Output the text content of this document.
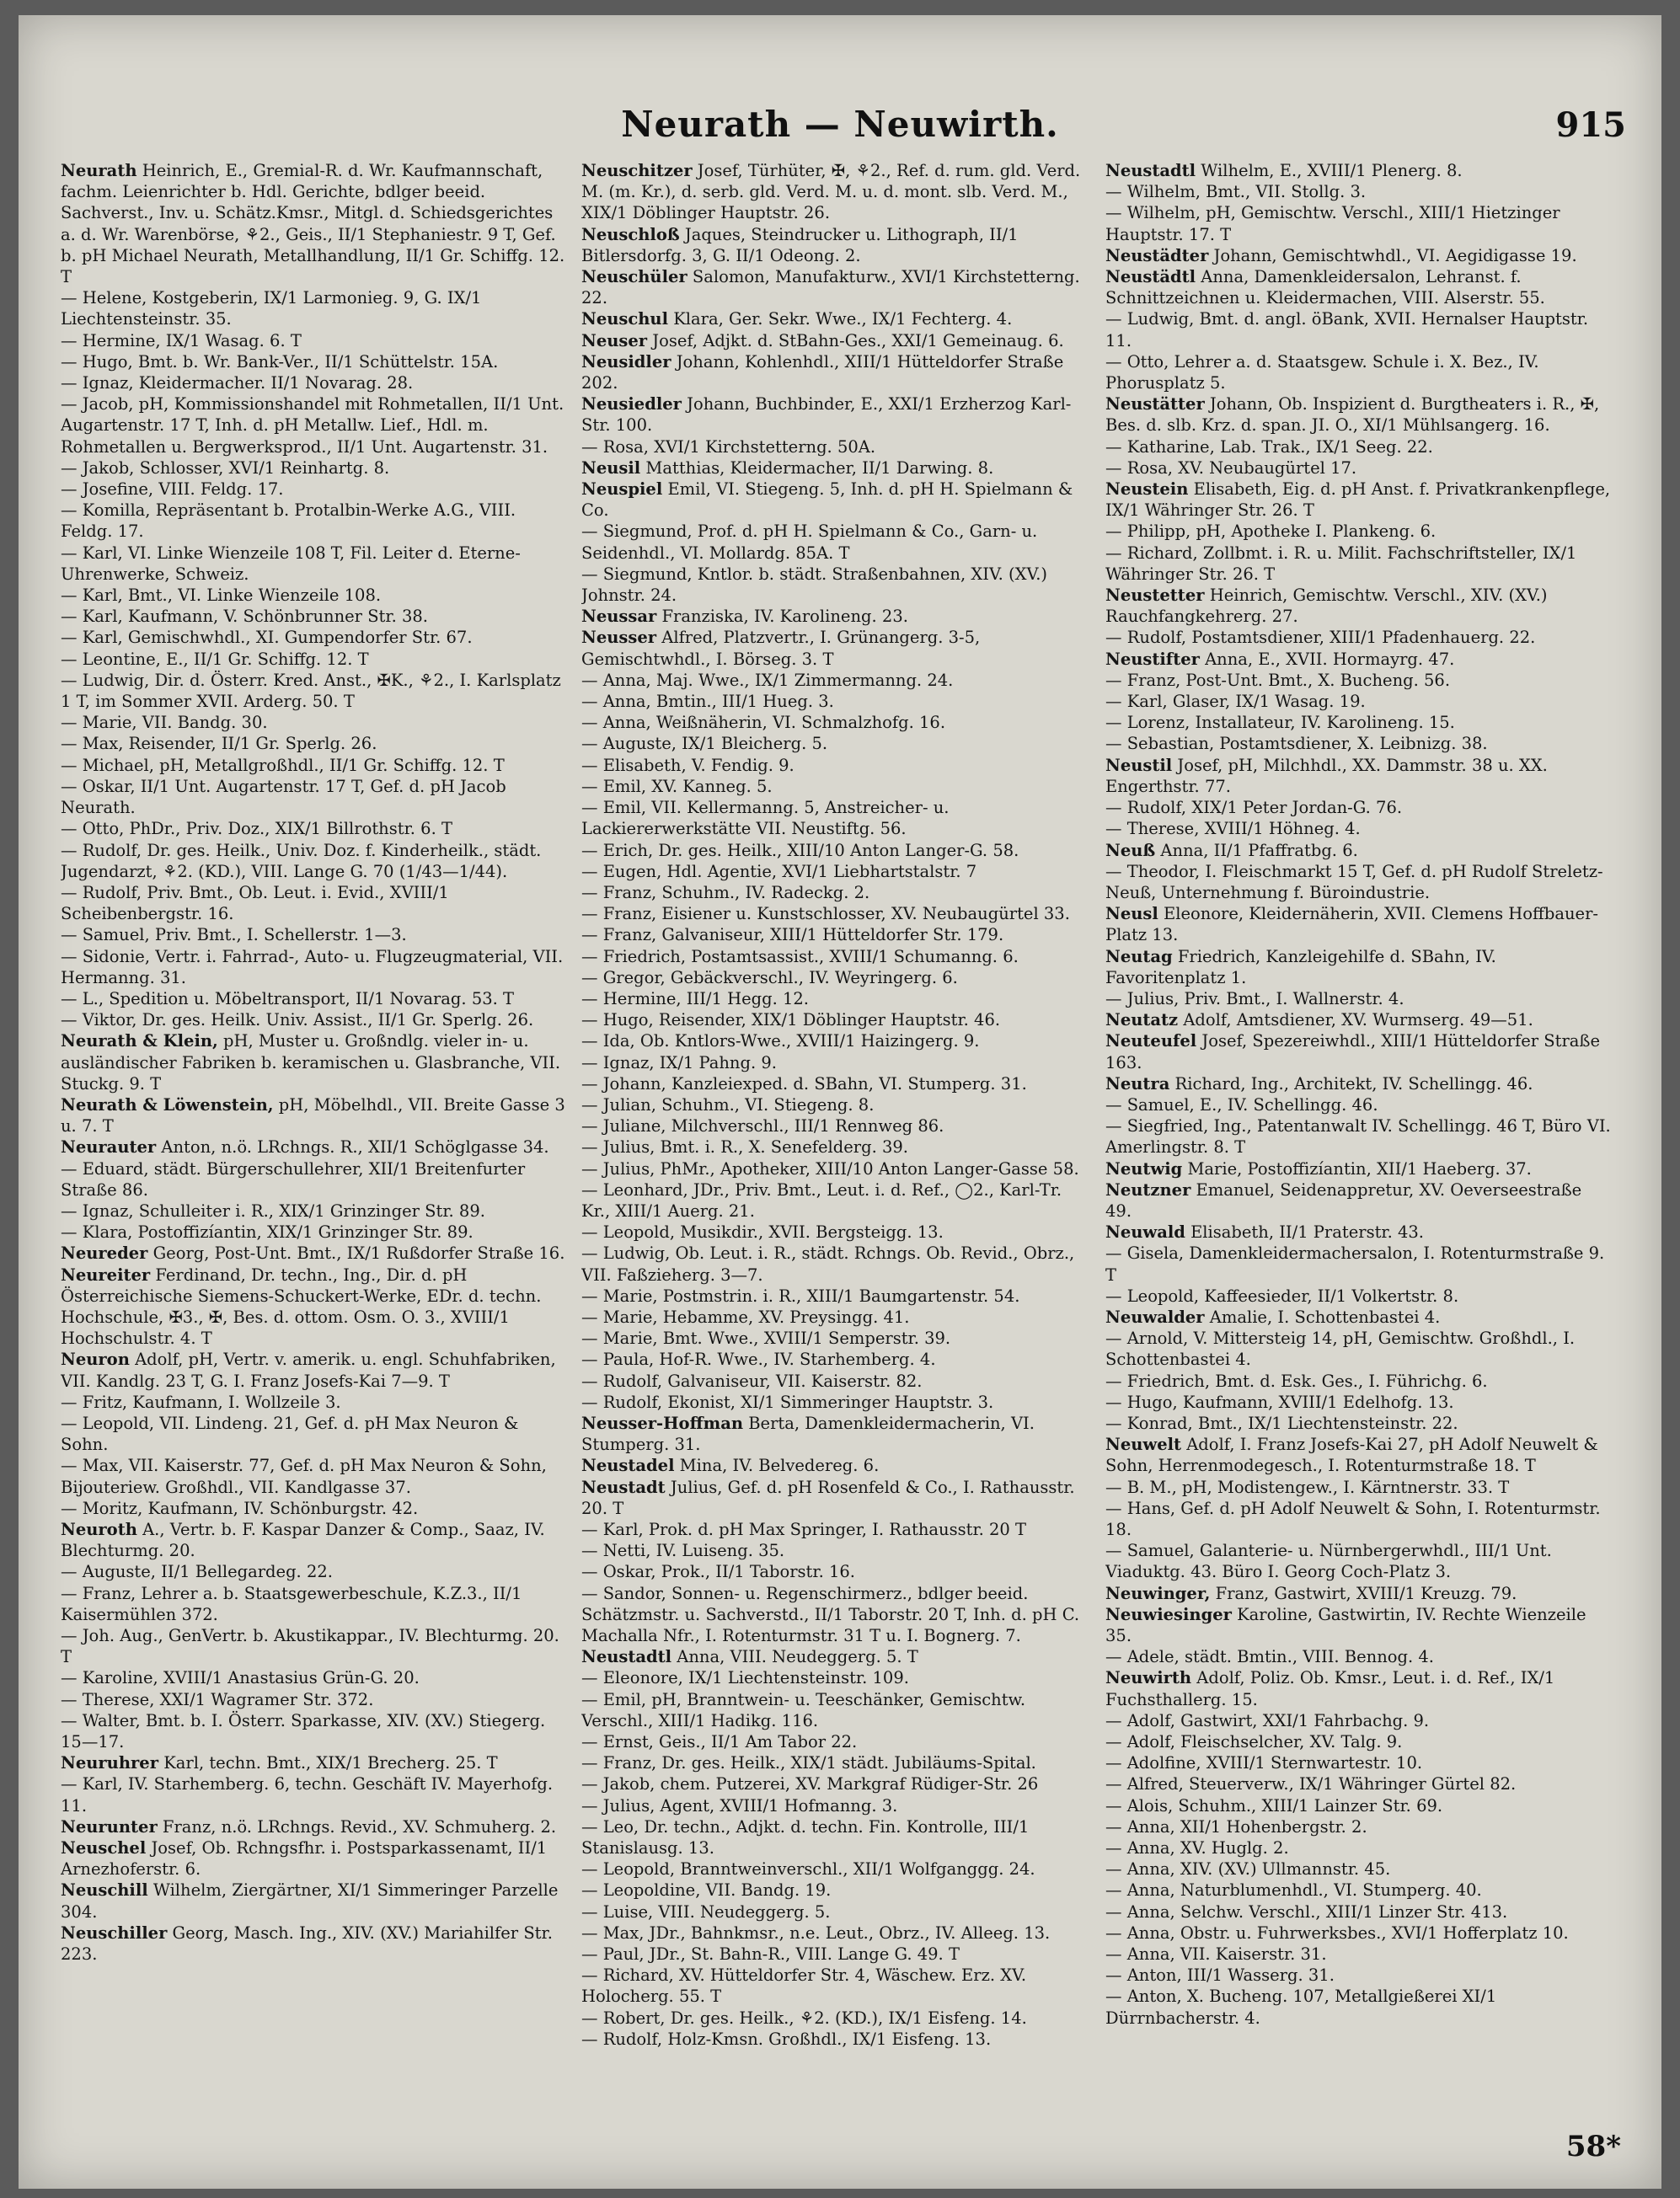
Neurath — Neuwirth.	915
Neurath Heinrich, E., Gremial-R. d. Wr. Kaufmannschaft, fachm. Leienrichter b. Hdl. Gerichte, bdlger beeid. Sachverst., Inv. u. Schätz.Kmsr., Mitgl. d. Schiedsgerichtes a. d. Wr. Warenbörse, ⚘2., Geis., II/1 Stephaniestr. 9 T, Gef. b. pH Michael Neurath, Metallhandlung, II/1 Gr. Schiffg. 12. T
— Helene, Kostgeberin, IX/1 Larmonieg. 9, G. IX/1 Liechtensteinstr. 35.
— Hermine, IX/1 Wasag. 6. T
— Hugo, Bmt. b. Wr. Bank-Ver., II/1 Schüttelstr. 15A.
— Ignaz, Kleidermacher. II/1 Novarag. 28.
— Jacob, pH, Kommissionshandel mit Rohmetallen, II/1 Unt. Augartenstr. 17 T, Inh. d. pH Metallw. Lief., Hdl. m. Rohmetallen u. Bergwerksprod., II/1 Unt. Augartenstr. 31.
— Jakob, Schlosser, XVI/1 Reinhartg. 8.
— Josefine, VIII. Feldg. 17.
— Komilla, Repräsentant b. Protalbin-Werke A.G., VIII. Feldg. 17.
— Karl, VI. Linke Wienzeile 108 T, Fil. Leiter d. Eterne-Uhrenwerke, Schweiz.
— Karl, Bmt., VI. Linke Wienzeile 108.
— Karl, Kaufmann, V. Schönbrunner Str. 38.
— Karl, Gemischwhdl., XI. Gumpendorfer Str. 67.
— Leontine, E., II/1 Gr. Schiffg. 12. T
— Ludwig, Dir. d. Österr. Kred. Anst., ✠K., ⚘2., I. Karlsplatz 1 T, im Sommer XVII. Arderg. 50. T
— Marie, VII. Bandg. 30.
— Max, Reisender, II/1 Gr. Sperlg. 26.
— Michael, pH, Metallgroßhdl., II/1 Gr. Schiffg. 12. T
— Oskar, II/1 Unt. Augartenstr. 17 T, Gef. d. pH Jacob Neurath.
— Otto, PhDr., Priv. Doz., XIX/1 Billrothstr. 6. T
— Rudolf, Dr. ges. Heilk., Univ. Doz. f. Kinderheilk., städt. Jugendarzt, ⚘2. (KD.), VIII. Lange G. 70 (1/43—1/44).
— Rudolf, Priv. Bmt., Ob. Leut. i. Evid., XVIII/1 Scheibenbergstr. 16.
— Samuel, Priv. Bmt., I. Schellerstr. 1—3.
— Sidonie, Vertr. i. Fahrrad-, Auto- u. Flugzeugmaterial, VII. Hermanng. 31.
— L., Spedition u. Möbeltransport, II/1 Novarag. 53. T
— Viktor, Dr. ges. Heilk. Univ. Assist., II/1 Gr. Sperlg. 26.
Neurath & Klein, pH, Muster u. Großndlg. vieler in- u. ausländischer Fabriken b. keramischen u. Glasbranche, VII. Stuckg. 9. T
Neurath & Löwenstein, pH, Möbelhdl., VII. Breite Gasse 3 u. 7. T
Neurauter Anton, n.ö. LRchngs. R., XII/1 Schöglgasse 34.
— Eduard, städt. Bürgerschullehrer, XII/1 Breitenfurter Straße 86.
— Ignaz, Schulleiter i. R., XIX/1 Grinzinger Str. 89.
— Klara, Postoffizíantin, XIX/1 Grinzinger Str. 89.
Neureder Georg, Post-Unt. Bmt., IX/1 Rußdorfer Straße 16.
Neureiter Ferdinand, Dr. techn., Ing., Dir. d. pH Österreichische Siemens-Schuckert-Werke, EDr. d. techn. Hochschule, ✠3., ✠, Bes. d. ottom. Osm. O. 3., XVIII/1 Hochschulstr. 4. T
Neuron Adolf, pH, Vertr. v. amerik. u. engl. Schuhfabriken, VII. Kandlg. 23 T, G. I. Franz Josefs-Kai 7—9. T
— Fritz, Kaufmann, I. Wollzeile 3.
— Leopold, VII. Lindeng. 21, Gef. d. pH Max Neuron & Sohn.
— Max, VII. Kaiserstr. 77, Gef. d. pH Max Neuron & Sohn, Bijouteriew. Großhdl., VII. Kandlgasse 37.
— Moritz, Kaufmann, IV. Schönburgstr. 42.
Neuroth A., Vertr. b. F. Kaspar Danzer & Comp., Saaz, IV. Blechturmg. 20.
— Auguste, II/1 Bellegardeg. 22.
— Franz, Lehrer a. b. Staatsgewerbeschule, K.Z.3., II/1 Kaisermühlen 372.
— Joh. Aug., GenVertr. b. Akustikappar., IV. Blechturmg. 20. T
— Karoline, XVIII/1 Anastasius Grün-G. 20.
— Therese, XXI/1 Wagramer Str. 372.
— Walter, Bmt. b. I. Österr. Sparkasse, XIV. (XV.) Stiegerg. 15—17.
Neuruhrer Karl, techn. Bmt., XIX/1 Brecherg. 25. T
— Karl, IV. Starhemberg. 6, techn. Geschäft IV. Mayerhofg. 11.
Neurunter Franz, n.ö. LRchngs. Revid., XV. Schmuherg. 2.
Neuschel Josef, Ob. Rchngsfhr. i. Postsparkassenamt, II/1 Arnezhoferstr. 6.
Neuschill Wilhelm, Ziergärtner, XI/1 Simmeringer Parzelle 304.
Neuschiller Georg, Masch. Ing., XIV. (XV.) Mariahilfer Str. 223.
Neuschitzer Josef, Türhüter, ✠, ⚘2., Ref. d. rum. gld. Verd. M. (m. Kr.), d. serb. gld. Verd. M. u. d. mont. slb. Verd. M., XIX/1 Döblinger Hauptstr. 26.
Neuschloß Jaques, Steindrucker u. Lithograph, II/1 Bitlersdorfg. 3, G. II/1 Odeong. 2.
Neuschüler Salomon, Manufakturw., XVI/1 Kirchstetterng. 22.
Neuschul Klara, Ger. Sekr. Wwe., IX/1 Fechterg. 4.
Neuser Josef, Adjkt. d. StBahn-Ges., XXI/1 Gemeinaug. 6.
Neusidler Johann, Kohlenhdl., XIII/1 Hütteldorfer Straße 202.
Neusiedler Johann, Buchbinder, E., XXI/1 Erzherzog Karl-Str. 100.
— Rosa, XVI/1 Kirchstetterng. 50A.
Neusil Matthias, Kleidermacher, II/1 Darwing. 8.
Neuspiel Emil, VI. Stiegeng. 5, Inh. d. pH H. Spielmann & Co.
— Siegmund, Prof. d. pH H. Spielmann & Co., Garn- u. Seidenhdl., VI. Mollardg. 85A. T
— Siegmund, Kntlor. b. städt. Straßenbahnen, XIV. (XV.) Johnstr. 24.
Neussar Franziska, IV. Karolineng. 23.
Neusser Alfred, Platzvertr., I. Grünangerg. 3-5, Gemischtwhdl., I. Börseg. 3. T
— Anna, Maj. Wwe., IX/1 Zimmermanng. 24.
— Anna, Bmtin., III/1 Hueg. 3.
— Anna, Weißnäherin, VI. Schmalzhofg. 16.
— Auguste, IX/1 Bleicherg. 5.
— Elisabeth, V. Fendig. 9.
— Emil, XV. Kanneg. 5.
— Emil, VII. Kellermanng. 5, Anstreicher- u. Lackiererwerkstätte VII. Neustiftg. 56.
— Erich, Dr. ges. Heilk., XIII/10 Anton Langer-G. 58.
— Eugen, Hdl. Agentie, XVI/1 Liebhartstalstr. 7
— Franz, Schuhm., IV. Radeckg. 2.
— Franz, Eisiener u. Kunstschlosser, XV. Neubaugürtel 33.
— Franz, Galvaniseur, XIII/1 Hütteldorfer Str. 179.
— Friedrich, Postamtsassist., XVIII/1 Schumanng. 6.
— Gregor, Gebäckverschl., IV. Weyringerg. 6.
— Hermine, III/1 Hegg. 12.
— Hugo, Reisender, XIX/1 Döblinger Hauptstr. 46.
— Ida, Ob. Kntlors-Wwe., XVIII/1 Haizingerg. 9.
— Ignaz, IX/1 Pahng. 9.
— Johann, Kanzleiexped. d. SBahn, VI. Stumperg. 31.
— Julian, Schuhm., VI. Stiegeng. 8.
— Juliane, Milchverschl., III/1 Rennweg 86.
— Julius, Bmt. i. R., X. Senefelderg. 39.
— Julius, PhMr., Apotheker, XIII/10 Anton Langer-Gasse 58.
— Leonhard, JDr., Priv. Bmt., Leut. i. d. Ref., ◯2., Karl-Tr. Kr., XIII/1 Auerg. 21.
— Leopold, Musikdir., XVII. Bergsteigg. 13.
— Ludwig, Ob. Leut. i. R., städt. Rchngs. Ob. Revid., Obrz., VII. Faßzieherg. 3—7.
— Marie, Postmstrin. i. R., XIII/1 Baumgartenstr. 54.
— Marie, Hebamme, XV. Preysingg. 41.
— Marie, Bmt. Wwe., XVIII/1 Semperstr. 39.
— Paula, Hof-R. Wwe., IV. Starhemberg. 4.
— Rudolf, Galvaniseur, VII. Kaiserstr. 82.
— Rudolf, Ekonist, XI/1 Simmeringer Hauptstr. 3.
Neusser-Hoffman Berta, Damenkleidermacherin, VI. Stumperg. 31.
Neustadel Mina, IV. Belvedereg. 6.
Neustadt Julius, Gef. d. pH Rosenfeld & Co., I. Rathausstr. 20. T
— Karl, Prok. d. pH Max Springer, I. Rathausstr. 20 T
— Netti, IV. Luiseng. 35.
— Oskar, Prok., II/1 Taborstr. 16.
— Sandor, Sonnen- u. Regenschirmerz., bdlger beeid. Schätzmstr. u. Sachverstd., II/1 Taborstr. 20 T, Inh. d. pH C. Machalla Nfr., I. Rotenturmstr. 31 T u. I. Bognerg. 7.
Neustadtl Anna, VIII. Neudeggerg. 5. T
— Eleonore, IX/1 Liechtensteinstr. 109.
— Emil, pH, Branntwein- u. Teeschänker, Gemischtw. Verschl., XIII/1 Hadikg. 116.
— Ernst, Geis., II/1 Am Tabor 22.
— Franz, Dr. ges. Heilk., XIX/1 städt. Jubiläums-Spital.
— Jakob, chem. Putzerei, XV. Markgraf Rüdiger-Str. 26
— Julius, Agent, XVIII/1 Hofmanng. 3.
— Leo, Dr. techn., Adjkt. d. techn. Fin. Kontrolle, III/1 Stanislausg. 13.
— Leopold, Branntweinverschl., XII/1 Wolfganggg. 24.
— Leopoldine, VII. Bandg. 19.
— Luise, VIII. Neudeggerg. 5.
— Max, JDr., Bahnkmsr., n.e. Leut., Obrz., IV. Alleeg. 13.
— Paul, JDr., St. Bahn-R., VIII. Lange G. 49. T
— Richard, XV. Hütteldorfer Str. 4, Wäschew. Erz. XV. Holocherg. 55. T
— Robert, Dr. ges. Heilk., ⚘2. (KD.), IX/1 Eisfeng. 14.
— Rudolf, Holz-Kmsn. Großhdl., IX/1 Eisfeng. 13.
Neustadtl Wilhelm, E., XVIII/1 Plenerg. 8.
— Wilhelm, Bmt., VII. Stollg. 3.
— Wilhelm, pH, Gemischtw. Verschl., XIII/1 Hietzinger Hauptstr. 17. T
Neustädter Johann, Gemischtwhdl., VI. Aegidigasse 19.
Neustädtl Anna, Damenkleidersalon, Lehranst. f. Schnittzeichnen u. Kleidermachen, VIII. Alserstr. 55.
— Ludwig, Bmt. d. angl. öBank, XVII. Hernalser Hauptstr. 11.
— Otto, Lehrer a. d. Staatsgew. Schule i. X. Bez., IV. Phorusplatz 5.
Neustätter Johann, Ob. Inspizient d. Burgtheaters i. R., ✠, Bes. d. slb. Krz. d. span. JI. O., XI/1 Mühlsangerg. 16.
— Katharine, Lab. Trak., IX/1 Seeg. 22.
— Rosa, XV. Neubaugürtel 17.
Neustein Elisabeth, Eig. d. pH Anst. f. Privatkrankenpflege, IX/1 Währinger Str. 26. T
— Philipp, pH, Apotheke I. Plankeng. 6.
— Richard, Zollbmt. i. R. u. Milit. Fachschriftsteller, IX/1 Währinger Str. 26. T
Neustetter Heinrich, Gemischtw. Verschl., XIV. (XV.) Rauchfangkehrerg. 27.
— Rudolf, Postamtsdiener, XIII/1 Pfadenhauerg. 22.
Neustifter Anna, E., XVII. Hormayrg. 47.
— Franz, Post-Unt. Bmt., X. Bucheng. 56.
— Karl, Glaser, IX/1 Wasag. 19.
— Lorenz, Installateur, IV. Karolineng. 15.
— Sebastian, Postamtsdiener, X. Leibnizg. 38.
Neustil Josef, pH, Milchhdl., XX. Dammstr. 38 u. XX. Engerthstr. 77.
— Rudolf, XIX/1 Peter Jordan-G. 76.
— Therese, XVIII/1 Höhneg. 4.
Neuß Anna, II/1 Pfaffratbg. 6.
— Theodor, I. Fleischmarkt 15 T, Gef. d. pH Rudolf Streletz-Neuß, Unternehmung f. Büroindustrie.
Neusl Eleonore, Kleidernäherin, XVII. Clemens Hoffbauer-Platz 13.
Neutag Friedrich, Kanzleigehilfe d. SBahn, IV. Favoritenplatz 1.
— Julius, Priv. Bmt., I. Wallnerstr. 4.
Neutatz Adolf, Amtsdiener, XV. Wurmserg. 49—51.
Neuteufel Josef, Spezereiwhdl., XIII/1 Hütteldorfer Straße 163.
Neutra Richard, Ing., Architekt, IV. Schellingg. 46.
— Samuel, E., IV. Schellingg. 46.
— Siegfried, Ing., Patentanwalt IV. Schellingg. 46 T, Büro VI. Amerlingstr. 8. T
Neutwig Marie, Postoffizíantin, XII/1 Haeberg. 37.
Neutzner Emanuel, Seidenappretur, XV. Oeverseestraße 49.
Neuwald Elisabeth, II/1 Praterstr. 43.
— Gisela, Damenkleidermachersalon, I. Rotenturmstraße 9. T
— Leopold, Kaffeesieder, II/1 Volkertstr. 8.
Neuwalder Amalie, I. Schottenbastei 4.
— Arnold, V. Mittersteig 14, pH, Gemischtw. Großhdl., I. Schottenbastei 4.
— Friedrich, Bmt. d. Esk. Ges., I. Führichg. 6.
— Hugo, Kaufmann, XVIII/1 Edelhofg. 13.
— Konrad, Bmt., IX/1 Liechtensteinstr. 22.
Neuwelt Adolf, I. Franz Josefs-Kai 27, pH Adolf Neuwelt & Sohn, Herrenmodegesch., I. Rotenturmstraße 18. T
— B. M., pH, Modistengew., I. Kärntnerstr. 33. T
— Hans, Gef. d. pH Adolf Neuwelt & Sohn, I. Rotenturmstr. 18.
— Samuel, Galanterie- u. Nürnbergerwhdl., III/1 Unt. Viaduktg. 43. Büro I. Georg Coch-Platz 3.
Neuwinger, Franz, Gastwirt, XVIII/1 Kreuzg. 79.
Neuwiesinger Karoline, Gastwirtin, IV. Rechte Wienzeile 35.
— Adele, städt. Bmtin., VIII. Bennog. 4.
Neuwirth Adolf, Poliz. Ob. Kmsr., Leut. i. d. Ref., IX/1 Fuchsthallerg. 15.
— Adolf, Gastwirt, XXI/1 Fahrbachg. 9.
— Adolf, Fleischselcher, XV. Talg. 9.
— Adolfine, XVIII/1 Sternwartestr. 10.
— Alfred, Steuerverw., IX/1 Währinger Gürtel 82.
— Alois, Schuhm., XIII/1 Lainzer Str. 69.
— Anna, XII/1 Hohenbergstr. 2.
— Anna, XV. Huglg. 2.
— Anna, XIV. (XV.) Ullmannstr. 45.
— Anna, Naturblumenhdl., VI. Stumperg. 40.
— Anna, Selchw. Verschl., XIII/1 Linzer Str. 413.
— Anna, Obstr. u. Fuhrwerksbes., XVI/1 Hofferplatz 10.
— Anna, VII. Kaiserstr. 31.
— Anton, III/1 Wasserg. 31.
— Anton, X. Bucheng. 107, Metallgießerei XI/1 Dürrnbacherstr. 4.
58*
